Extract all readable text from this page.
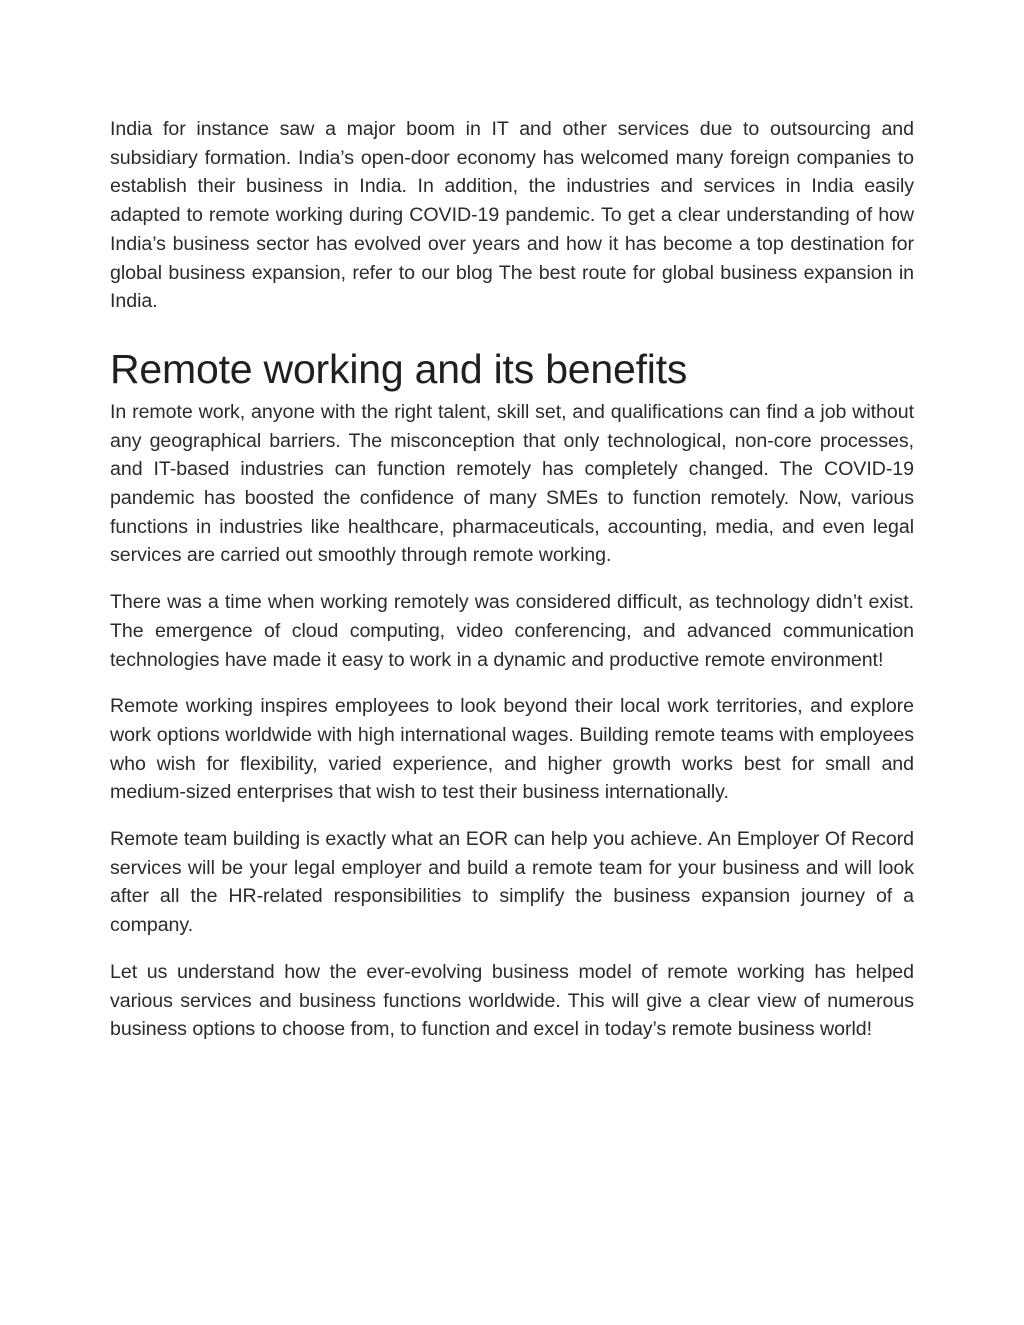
India for instance saw a major boom in IT and other services due to outsourcing and subsidiary formation. India’s open-door economy has welcomed many foreign companies to establish their business in India. In addition, the industries and services in India easily adapted to remote working during COVID-19 pandemic. To get a clear understanding of how India’s business sector has evolved over years and how it has become a top destination for global business expansion, refer to our blog The best route for global business expansion in India.

Remote working and its benefits

In remote work, anyone with the right talent, skill set, and qualifications can find a job without any geographical barriers. The misconception that only technological, non-core processes, and IT-based industries can function remotely has completely changed. The COVID-19 pandemic has boosted the confidence of many SMEs to function remotely. Now, various functions in industries like healthcare, pharmaceuticals, accounting, media, and even legal services are carried out smoothly through remote working.

There was a time when working remotely was considered difficult, as technology didn’t exist. The emergence of cloud computing, video conferencing, and advanced communication technologies have made it easy to work in a dynamic and productive remote environment!

Remote working inspires employees to look beyond their local work territories, and explore work options worldwide with high international wages. Building remote teams with employees who wish for flexibility, varied experience, and higher growth works best for small and medium-sized enterprises that wish to test their business internationally.

Remote team building is exactly what an EOR can help you achieve. An Employer Of Record services will be your legal employer and build a remote team for your business and will look after all the HR-related responsibilities to simplify the business expansion journey of a company.

Let us understand how the ever-evolving business model of remote working has helped various services and business functions worldwide. This will give a clear view of numerous business options to choose from, to function and excel in today’s remote business world!
